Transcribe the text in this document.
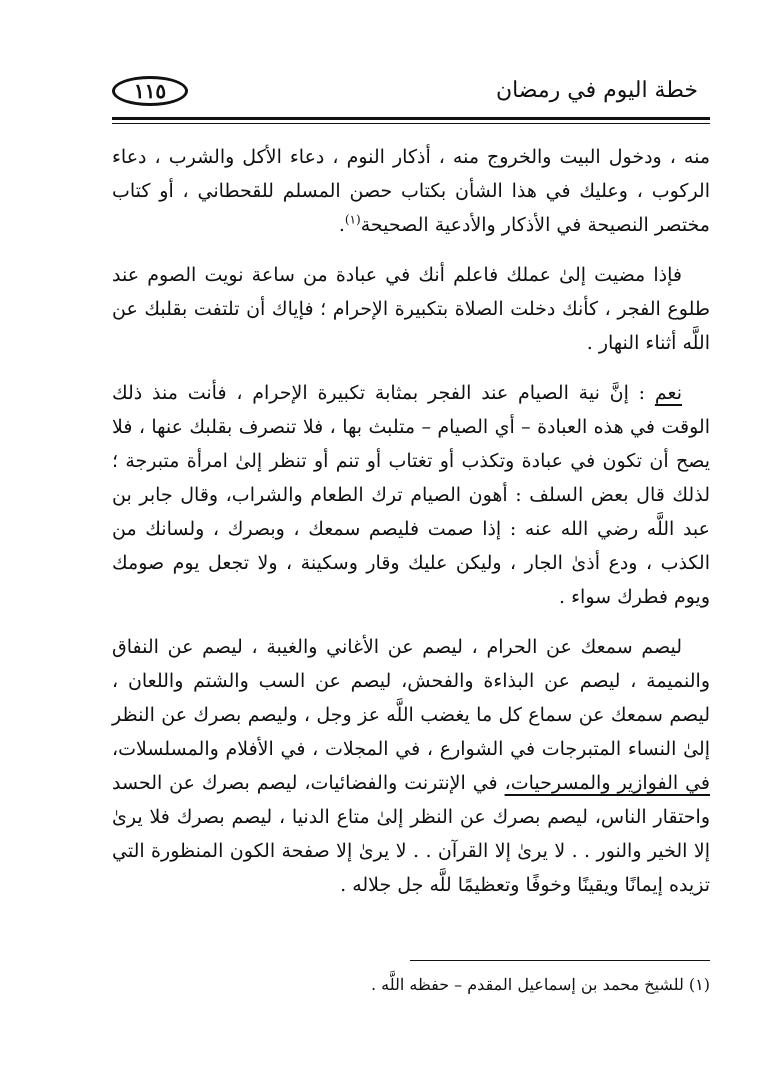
خطة اليوم في رمضان
١١٥

منه ، ودخول البيت والخروج منه ، أذكار النوم ، دعاء الأكل والشرب ، دعاء الركوب ، وعليك في هذا الشأن بكتاب حصن المسلم للقحطاني ، أو كتاب مختصر النصيحة في الأذكار والأدعية الصحيحة$^{(١)}$.

فإذا مضيت إلىٰ عملك فاعلم أنك في عبادة من ساعة نويت الصوم عند طلوع الفجر ، كأنك دخلت الصلاة بتكبيرة الإحرام ؛ فإياك أن تلتفت بقلبك عن اللَّه أثناء النهار .

نعم : إنَّ نية الصيام عند الفجر بمثابة تكبيرة الإحرام ، فأنت منذ ذلك الوقت في هذه العبادة – أي الصيام – متلبث بها ، فلا تنصرف بقلبك عنها ، فلا يصح أن تكون في عبادة وتكذب أو تغتاب أو تنم أو تنظر إلىٰ امرأة متبرجة ؛ لذلك قال بعض السلف : أهون الصيام ترك الطعام والشراب، وقال جابر بن عبد اللَّه رضي الله عنه : إذا صمت فليصم سمعك ، وبصرك ، ولسانك من الكذب ، ودع أذىٰ الجار ، وليكن عليك وقار وسكينة ، ولا تجعل يوم صومك ويوم فطرك سواء .

ليصم سمعك عن الحرام ، ليصم عن الأغاني والغيبة ، ليصم عن النفاق والنميمة ، ليصم عن البذاءة والفحش، ليصم عن السب والشتم واللعان ، ليصم سمعك عن سماع كل ما يغضب اللَّه عز وجل ، وليصم بصرك عن النظر إلىٰ النساء المتبرجات في الشوارع ، في المجلات ، في الأفلام والمسلسلات، في الفوازير والمسرحيات، في الإنترنت والفضائيات، ليصم بصرك عن الحسد واحتقار الناس، ليصم بصرك عن النظر إلىٰ متاع الدنيا ، ليصم بصرك فلا يرىٰ إلا الخير والنور . . لا يرىٰ إلا القرآن . . لا يرىٰ إلا صفحة الكون المنظورة التي تزيده إيمانًا ويقينًا وخوفًا وتعظيمًا للَّه جل جلاله .

(١) للشيخ محمد بن إسماعيل المقدم – حفظه اللَّه .
